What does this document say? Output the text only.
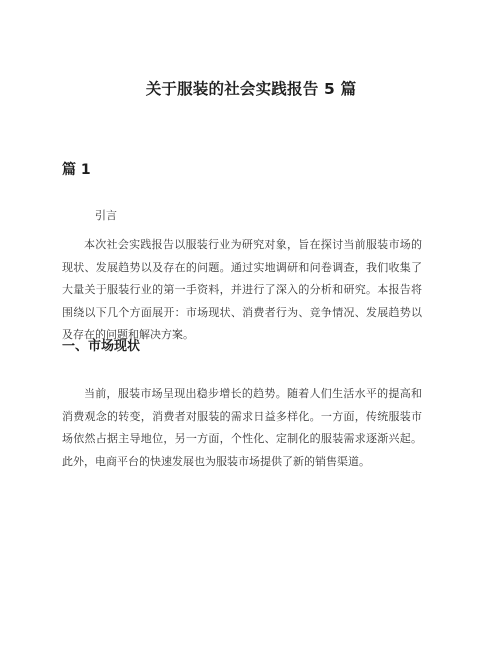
关于服装的社会实践报告 5 篇
篇 1

引言

本次社会实践报告以服装行业为研究对象，旨在探讨当前服装市场的现状、发展趋势以及存在的问题。通过实地调研和问卷调查，我们收集了大量关于服装行业的第一手资料，并进行了深入的分析和研究。本报告将围绕以下几个方面展开：市场现状、消费者行为、竞争情况、发展趋势以及存在的问题和解决方案。

一、市场现状

当前，服装市场呈现出稳步增长的趋势。随着人们生活水平的提高和消费观念的转变，消费者对服装的需求日益多样化。一方面，传统服装市场依然占据主导地位，另一方面，个性化、定制化的服装需求逐渐兴起。此外，电商平台的快速发展也为服装市场提供了新的销售渠道。
